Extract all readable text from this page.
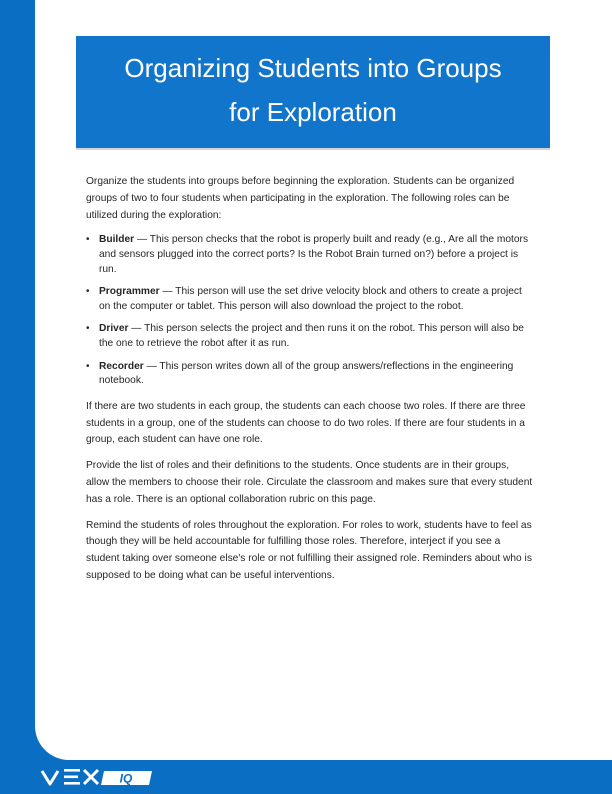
Organizing Students into Groups
for Exploration

Organize the students into groups before beginning the exploration. Students can be organized groups of two to four students when participating in the exploration. The following roles can be utilized during the exploration:

• Builder — This person checks that the robot is properly built and ready (e.g., Are all the motors and sensors plugged into the correct ports? Is the Robot Brain turned on?) before a project is run.
• Programmer — This person will use the set drive velocity block and others to create a project on the computer or tablet. This person will also download the project to the robot.
• Driver — This person selects the project and then runs it on the robot. This person will also be the one to retrieve the robot after it as run.
• Recorder — This person writes down all of the group answers/reflections in the engineering notebook.

If there are two students in each group, the students can each choose two roles. If there are three students in a group, one of the students can choose to do two roles. If there are four students in a group, each student can have one role.

Provide the list of roles and their definitions to the students. Once students are in their groups, allow the members to choose their role. Circulate the classroom and makes sure that every student has a role. There is an optional collaboration rubric on this page.

Remind the students of roles throughout the exploration. For roles to work, students have to feel as though they will be held accountable for fulfilling those roles. Therefore, interject if you see a student taking over someone else's role or not fulfilling their assigned role. Reminders about who is supposed to be doing what can be useful interventions.

IQ
